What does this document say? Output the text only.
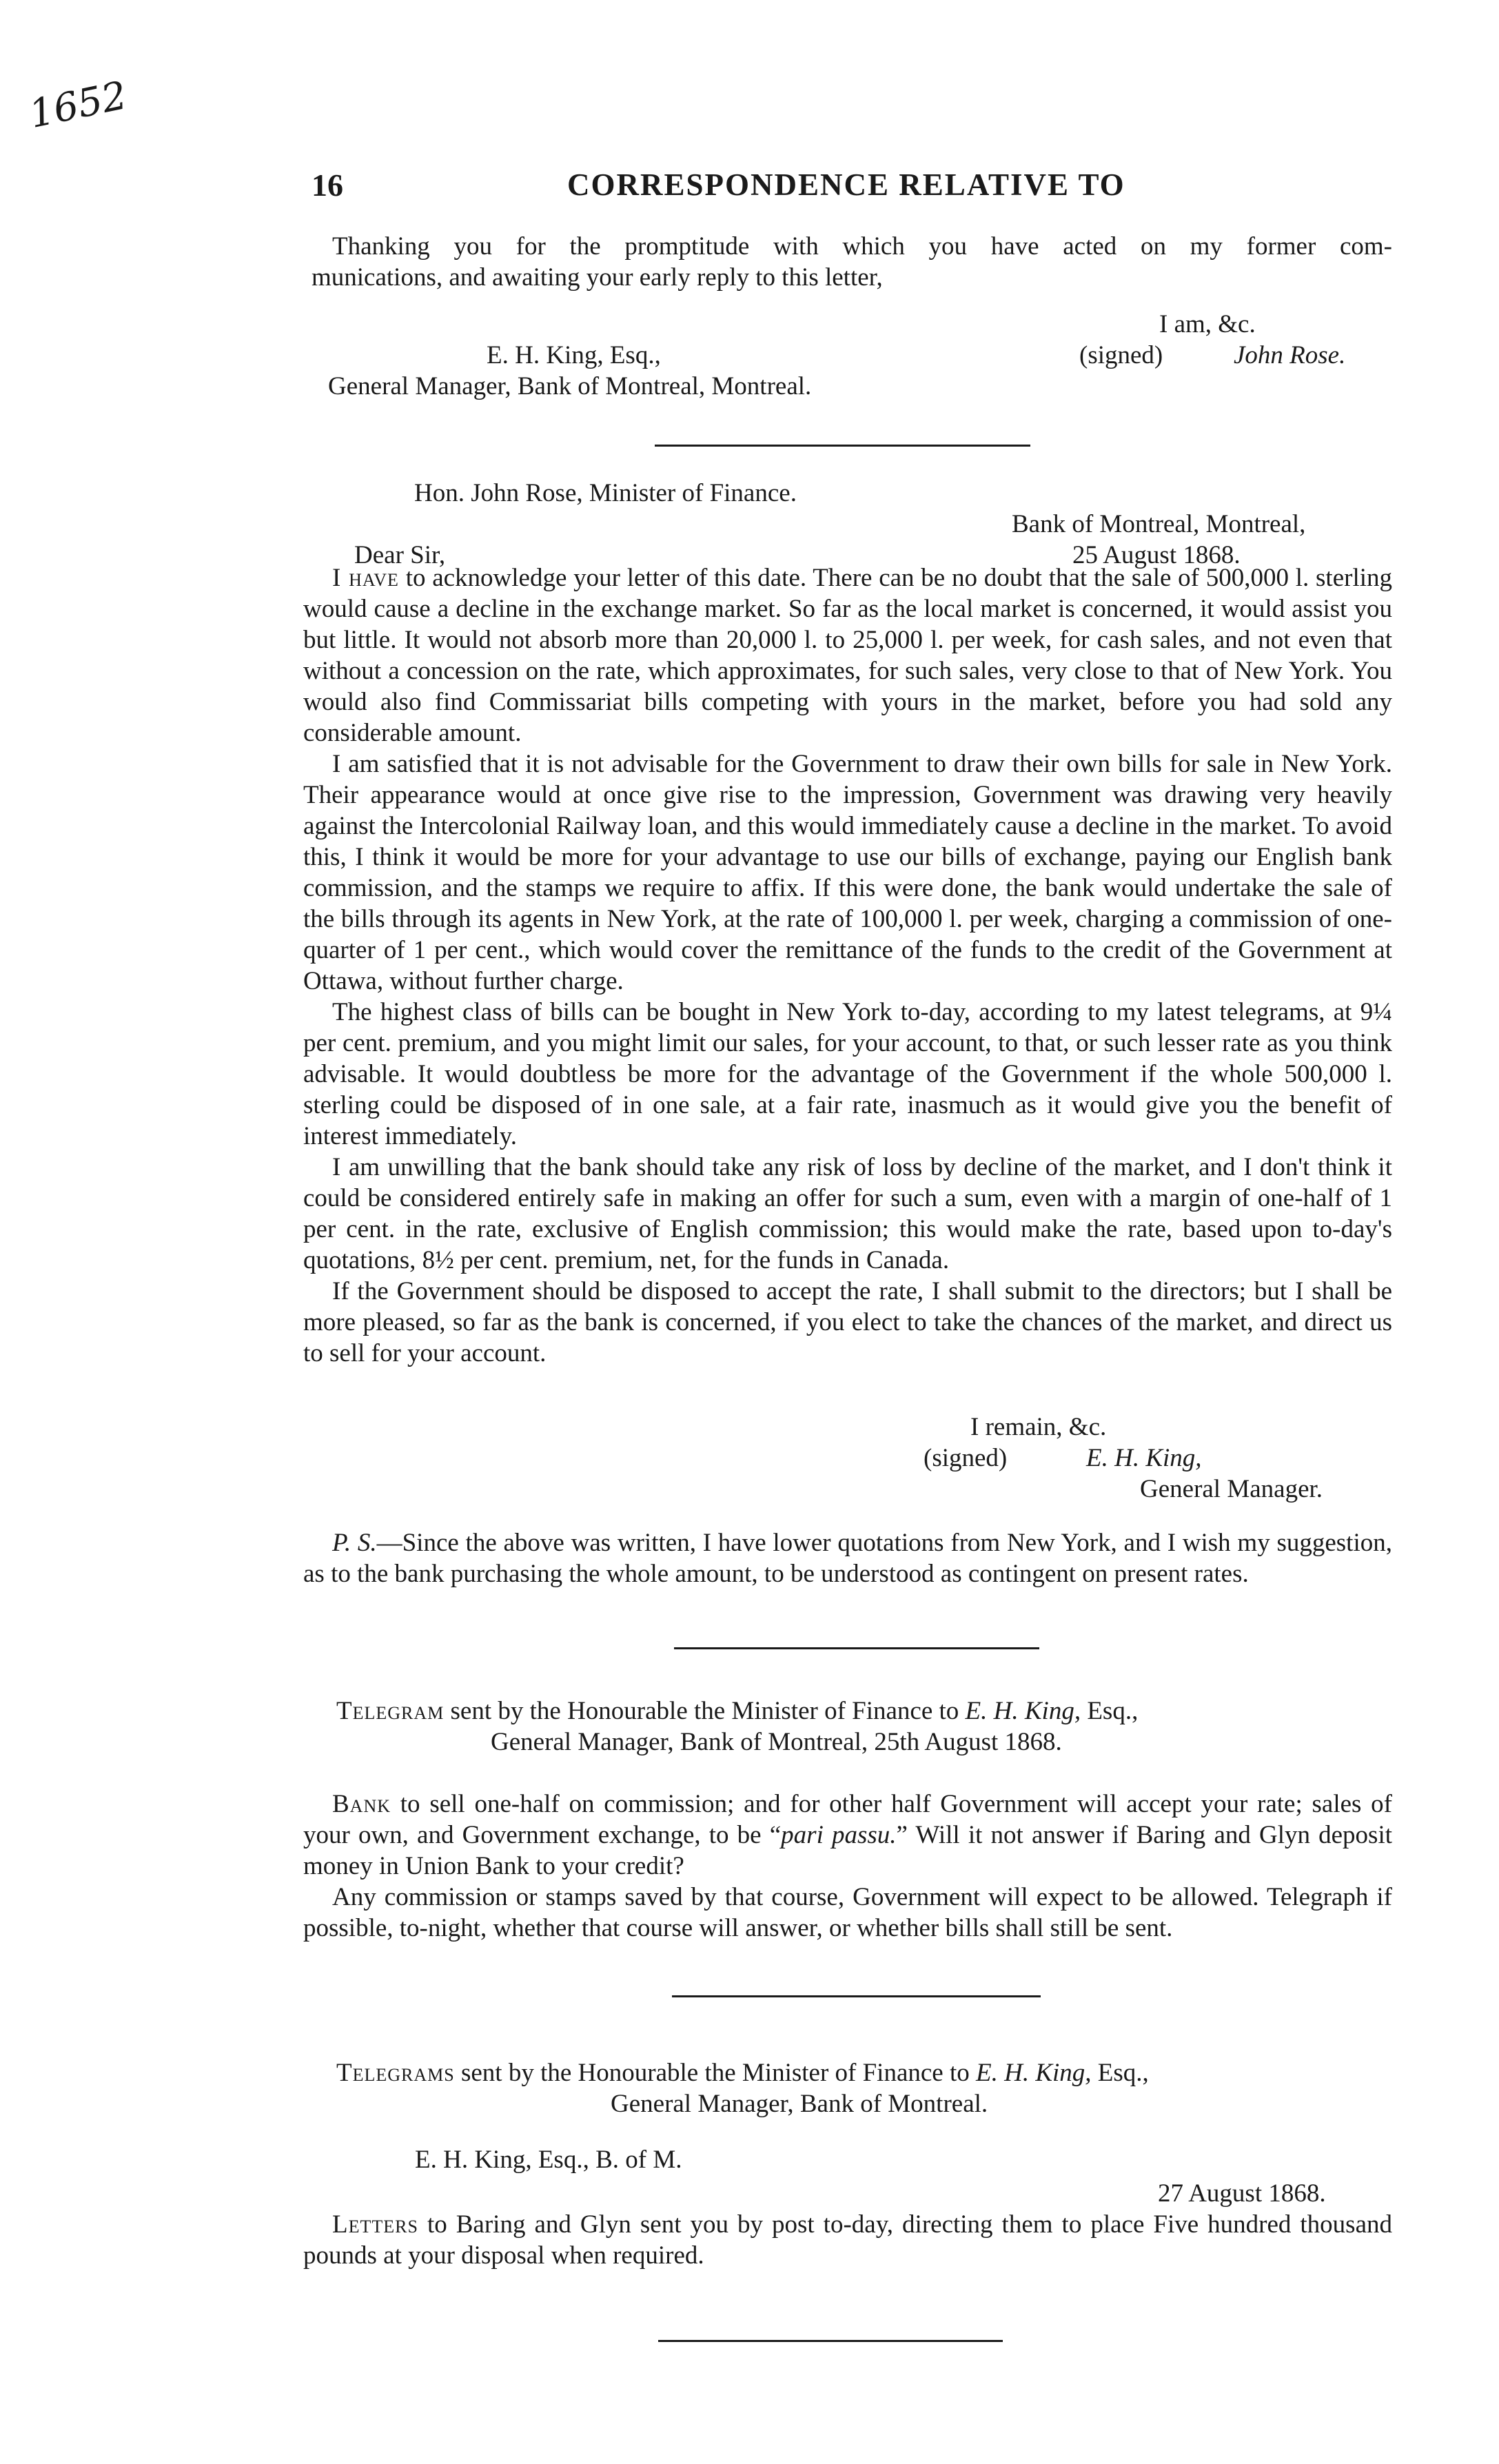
1652
16	CORRESPONDENCE RELATIVE TO

Thanking you for the promptitude with which you have acted on my former com-

munications, and awaiting your early reply to this letter,

I am, &c.
E. H. King, Esq.,	(signed)	John Rose.
General Manager, Bank of Montreal, Montreal.
Hon. John Rose, Minister of Finance.
Bank of Montreal, Montreal,
Dear Sir,	25 August 1868.

I have to acknowledge your letter of this date. There can be no doubt that the sale of 500,000 l. sterling would cause a decline in the exchange market. So far as the local market is concerned, it would assist you but little. It would not absorb more than 20,000 l. to 25,000 l. per week, for cash sales, and not even that without a concession on the rate, which approximates, for such sales, very close to that of New York. You would also find Commissariat bills competing with yours in the market, before you had sold any considerable amount.

I am satisfied that it is not advisable for the Government to draw their own bills for sale in New York. Their appearance would at once give rise to the impression, Government was drawing very heavily against the Intercolonial Railway loan, and this would immediately cause a decline in the market. To avoid this, I think it would be more for your advantage to use our bills of exchange, paying our English bank commission, and the stamps we require to affix. If this were done, the bank would undertake the sale of the bills through its agents in New York, at the rate of 100,000 l. per week, charging a commission of one-quarter of 1 per cent., which would cover the remittance of the funds to the credit of the Government at Ottawa, without further charge.

The highest class of bills can be bought in New York to-day, according to my latest telegrams, at 9¼ per cent. premium, and you might limit our sales, for your account, to that, or such lesser rate as you think advisable. It would doubtless be more for the advantage of the Government if the whole 500,000 l. sterling could be disposed of in one sale, at a fair rate, inasmuch as it would give you the benefit of interest immediately.

I am unwilling that the bank should take any risk of loss by decline of the market, and I don't think it could be considered entirely safe in making an offer for such a sum, even with a margin of one-half of 1 per cent. in the rate, exclusive of English commission; this would make the rate, based upon to-day's quotations, 8½ per cent. premium, net, for the funds in Canada.

If the Government should be disposed to accept the rate, I shall submit to the directors; but I shall be more pleased, so far as the bank is concerned, if you elect to take the chances of the market, and direct us to sell for your account.

I remain, &c.
(signed)	E. H. King,
General Manager.

P. S.—Since the above was written, I have lower quotations from New York, and I wish my suggestion, as to the bank purchasing the whole amount, to be understood as contingent on present rates.

Telegram sent by the Honourable the Minister of Finance to E. H. King, Esq.,
General Manager, Bank of Montreal, 25th August 1868.

Bank to sell one-half on commission; and for other half Government will accept your rate; sales of your own, and Government exchange, to be “pari passu.” Will it not answer if Baring and Glyn deposit money in Union Bank to your credit?

Any commission or stamps saved by that course, Government will expect to be allowed. Telegraph if possible, to-night, whether that course will answer, or whether bills shall still be sent.

Telegrams sent by the Honourable the Minister of Finance to E. H. King, Esq.,
General Manager, Bank of Montreal.
E. H. King, Esq., B. of M.
27 August 1868.

Letters to Baring and Glyn sent you by post to-day, directing them to place Five hundred thousand pounds at your disposal when required.
